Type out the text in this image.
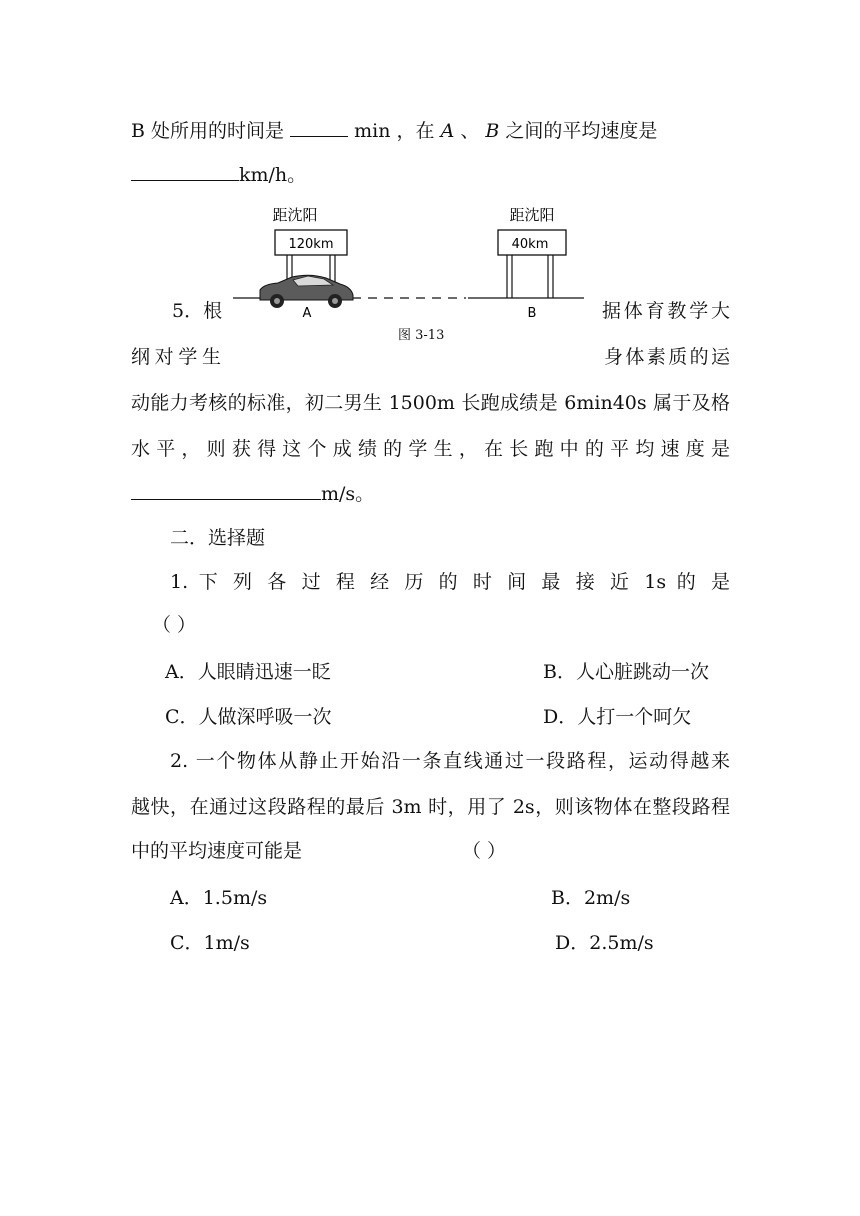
B 处所用的时间是	min ，在 A 、 B 之间的平均速度是
km/h。
距沈阳
120km
距沈阳
40km
A	B
图 3-13
5．根	据体育教学大
纲对学生	身体素质的运
动能力考核的标准，初二男生 1500m 长跑成绩是 6min40s 属于及格
水平，则获得这个成绩的学生，在长跑中的平均速度是
m/s。
二．选择题
1. 下 列 各 过 程 经 历 的 时 间 最 接 近 1s 的 是
（ ）
A．人眼睛迅速一眨	B．人心脏跳动一次
C．人做深呼吸一次	D．人打一个呵欠
2. 一个物体从静止开始沿一条直线通过一段路程，运动得越来
越快，在通过这段路程的最后 3m 时，用了 2s，则该物体在整段路程
中的平均速度可能是	（ ）
A．1.5m/s	B．2m/s
C．1m/s	D．2.5m/s
